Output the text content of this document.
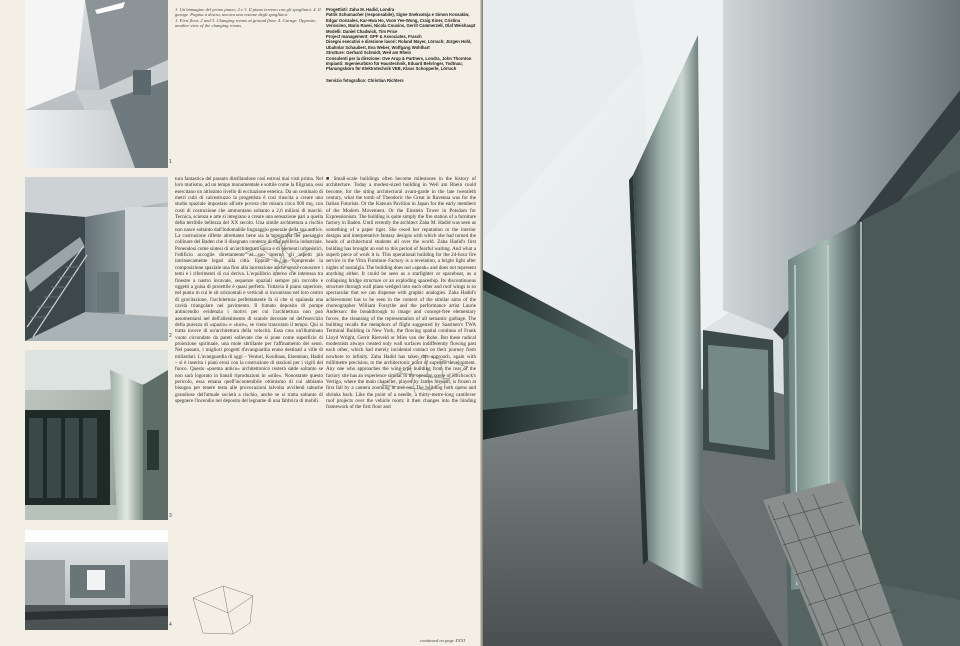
1
2
3
4
1. Un'immagine del primo piano; 2 e 3. Il piano terreno con gli spogliatoi. 4. Il garage. Pagina a destra, ancora una visione degli spogliatoi.
1. First floor. 2 and 3. Changing rooms at ground floor. 4. Garage. Opposite, another view of the changing rooms.
Progettisti: Zaha M. Hadid, Londra
Patrik Schumacher (responsabile), Signe Snekvatsja e Simon Kossakiw, Edgar Gonzales, Kar-Hwa Ho, Voon Yee-Wong, Craig Kiner, Cristina Verissimo, Mario Ravei, Nicola Cousins, Gerrit Cammerzell, Olaf Weishaupt
Modelli: Daniel Chadwick, Tim Price
Project management: GPF & Associates, Frasch
Disegni esecutivi e direzione lavori: Roland Mayer, Lörrach; Jürgen Hohl, Ubahnlar Schaubert, Eva Weber, Wolfgang Wohlhart
Strutture: Gerhard Schmidt, Weil am Rhein
Consulenti per la direzione: Ove Arup & Partners, Londra, John Thornton
Impianti: Ingenieurbüro für Haustechnik, Eduard Behringer, Todtnau; Planungsbüro für Elektrotechnik VEB, Klaus Schopperle, Lörrach
Servizio fotografico: Christian Richters

tura fantastica del passato distillandone così estrosi mai visti prima. Nel loro mutismo, ad un tempo monumentale e sottile come la filigrana, essi esercitano un altissimo livello di eccitazione estetica. Da un centinaio di metri cubi di calcestruzzo la progettista è così riuscita a creare uno studio spaziale impostato all'arte povera che misura circa 900 mq, con costi di costruzione che ammontano soltanto a 2,6 milioni di marchi. Tecnica, scienza e arte si integrano a creare una sensazione pari a quella della terribile bellezza del XX secolo. Una simile architettura a rischio non nasce soltanto dall'indomabile linguaggio generale della sua autrice. La costruzione riflette altrettanto bene sia la topografia del paesaggio collinare del Baden che il disegnato contesto di una periferia industriale. Ponendosi come sintesi di un'architettura unica e di elementi urbanistici, l'edificio accoglie direttamente al suo interno gli aspetti più intrinsecamente legati alla città. Eppure si ne comprende la composizione spaziale una fino alla lacerazione anche senza conoscere i temi e i riferimenti di cui deriva. L'equilibrio interno che interessa tra finestre a nastro incavate, sequenze spaziali sempre più raccolte e oggetti a guisa di proiettile è quasi perfetto. Tuttavia il piano superiore, nel punto in cui le sit orizzontali e verticali si incontrano nel loro centro di gravitazione, l'architettura perfettamente fa sì che si spalanda una cavità triangolare nel pavimento. Il fumato deposito di pompe antincendio evidenzia i motivi per cui l'architettura non può assomentarsi nel dell'allestimento di scatole decorate né dell'esercizio della purezza di «spazio» e «luce», se viene trascurato il tempo. Qui si tratta invece di un'architettura della velocità. Essa crea un'illuminato vuoto circondato da pareti sollevate che si pone come superficie di proiezione spirituale, una mole sbrillante per l'affinamento dei sensi. Nel passato, i migliori progetti d'avanguardia erano destinati a ville di miliardari. L'avanguardia di oggi – Venturi, Koolhaas, Eisenman, Hadid – si è inserita i piani erosi con la costruzione di stazioni per i vigili del fuoco. Questo «poema antico» architettonico resterà salde soltanto se non sarà logorato in banali riproduzioni in «stile». Nonostante questo pericolo, essa emana quell'incontenibile ottimismo di cui abbiamo bisogno per tenere testa alle provocazioni talvolta avvilenti tabuche grandiose dell'attuale società a rischio, anche se si tratta soltanto di spegnere l'incendio nel deposito del legname di una fabbrica di mobili.

■ Small-scale buildings often become milestones in the history of architecture. Today a modest-sized building in Weil am Rhein could become, for the siting architectural avant-garde in the late twentieth century, what the tomb of Theodoric the Great in Ravenna was for the Italian Futurists. Or the Katsura Pavilion in Japan for the early members of the Modern Movement. Or the Einstein Tower in Potsdam for Expressionism. The building is quite simply the fire station of a furniture factory in Baden. Until recently the architect Zaha M. Hadid was seen as something of a paper tiger. She owed her reputation to the interior designs and interpretative fantasy designs with which she had turned the heads of architectural students all over the world. Zaha Hadid's first building has brought an end to this period of fearful waiting. And what a superb piece of work it is. This operational building for the 24-hour fire service in the Vitra Furniture Factory is a revelation, a bright light after nights of nostalgia. The building does not «speak» and does not represent anything either. It could be seen as a starfighter or spaceboat, as a collapsing bridge structure or an exploding spaceship. Its discontinuous structure through wall plans wedged into each other and roof wings is so spectacular that we can dispense with graphic analogies. Zaha Hadid's achievement has to be seen in the context of the similar aims of the choreographer William Forsythe and the performance artist Laurie Anderson: the breakthrough to image and concept-free elementary forces, the cleansing of the representation of all semantic garbage. The building recalls the metaphors of flight suggested by Saarinen's TWA Terminal Building in New York, the flowing spatial continua of Frank Lloyd Wright, Gerrit Rietveld or Mies van der Rohe. But these radical modernists always created only wall surfaces indifferently flowing past each other, which had merely incidental contact on their journey from nowhere to infinity. Zaha Hadid has taken this approach, again with millimetre precision, to the architectonic point of supreme development. Any one who approaches the wing-type building from the rear of the factory site has an experience similar to the opening scene of Hitchcock's Vertigo, where the main character, played by James Stewart, is frozen at first fall by a camera zooming in and out. The building both opens and shrinks back. Like the point of a needle, a thirty-metre-long cantilever roof projects over the vehicle room; it then changes into the binding framework of the first floor and

continued on page XXXI
